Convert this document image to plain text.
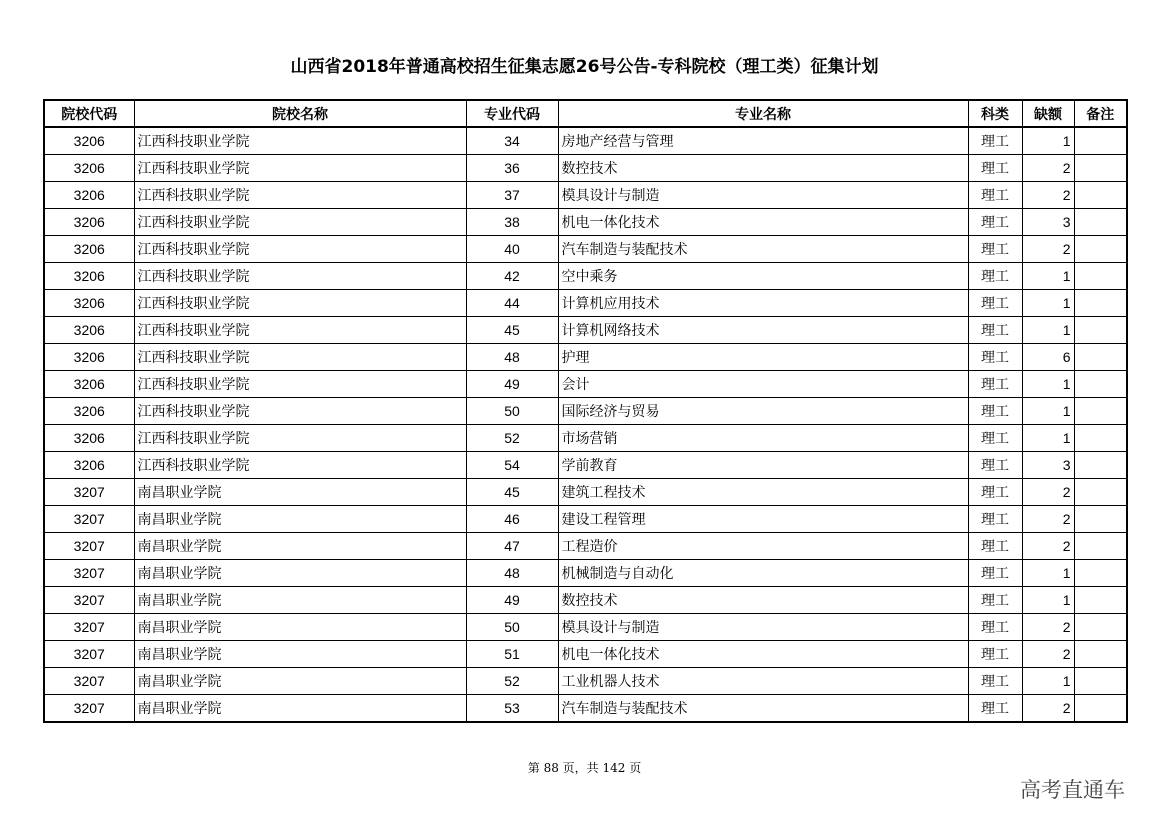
山西省2018年普通高校招生征集志愿26号公告-专科院校（理工类）征集计划
院校代码	院校名称	专业代码	专业名称	科类	缺额	备注
3206	江西科技职业学院	34	房地产经营与管理	理工	1	
3206	江西科技职业学院	36	数控技术	理工	2	
3206	江西科技职业学院	37	模具设计与制造	理工	2	
3206	江西科技职业学院	38	机电一体化技术	理工	3	
3206	江西科技职业学院	40	汽车制造与装配技术	理工	2	
3206	江西科技职业学院	42	空中乘务	理工	1	
3206	江西科技职业学院	44	计算机应用技术	理工	1	
3206	江西科技职业学院	45	计算机网络技术	理工	1	
3206	江西科技职业学院	48	护理	理工	6	
3206	江西科技职业学院	49	会计	理工	1	
3206	江西科技职业学院	50	国际经济与贸易	理工	1	
3206	江西科技职业学院	52	市场营销	理工	1	
3206	江西科技职业学院	54	学前教育	理工	3	
3207	南昌职业学院	45	建筑工程技术	理工	2	
3207	南昌职业学院	46	建设工程管理	理工	2	
3207	南昌职业学院	47	工程造价	理工	2	
3207	南昌职业学院	48	机械制造与自动化	理工	1	
3207	南昌职业学院	49	数控技术	理工	1	
3207	南昌职业学院	50	模具设计与制造	理工	2	
3207	南昌职业学院	51	机电一体化技术	理工	2	
3207	南昌职业学院	52	工业机器人技术	理工	1	
3207	南昌职业学院	53	汽车制造与装配技术	理工	2	
第 88 页，共 142 页
高考直通车
